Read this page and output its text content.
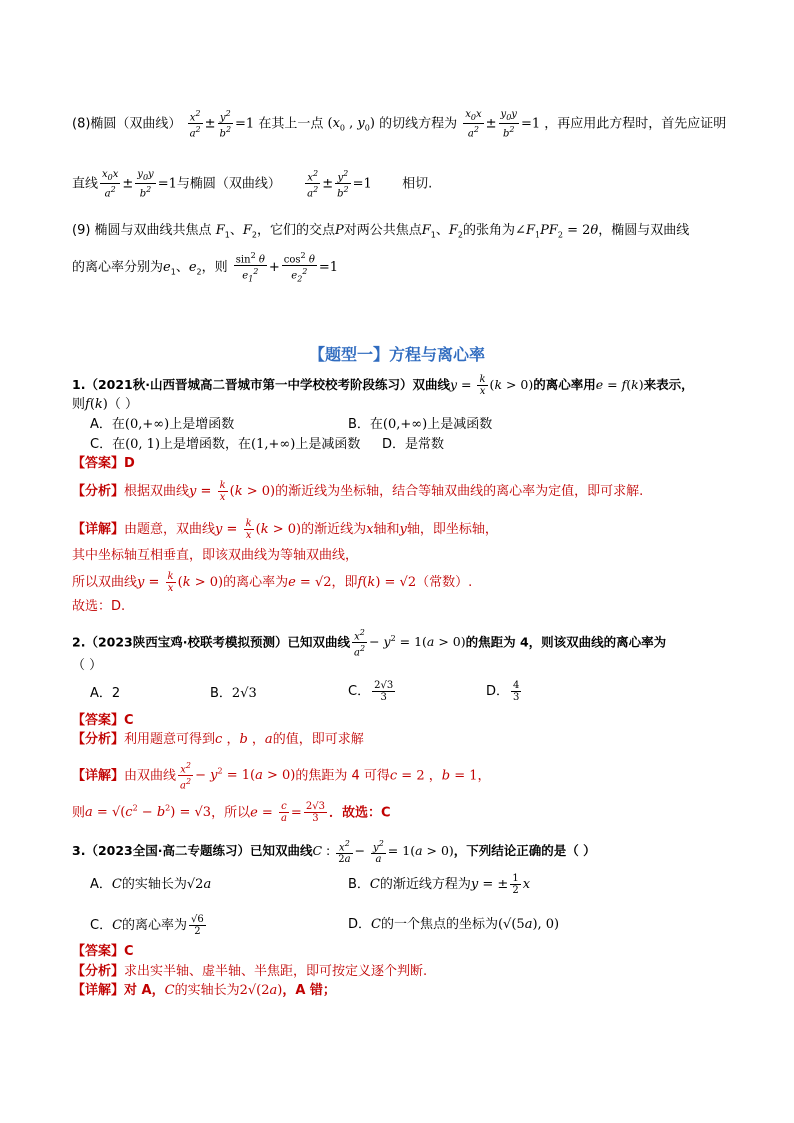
(8)椭圆（双曲线） $\frac{x^2}{a^2} \pm \frac{y^2}{b^2} =1$ 在其上一点 ($x_0$ , $y_0$) 的切线方程为 $\frac{x_0x}{a^2} \pm \frac{y_0y}{b^2} =1$ ，再应用此方程时，首先应证明
直线 $\frac{x_0x}{a^2} \pm \frac{y_0y}{b^2} =1$与椭圆（双曲线） $\frac{x^2}{a^2} \pm \frac{y^2}{b^2} =1$ 相切.
(9) 椭圆与双曲线共焦点 $F_1$、$F_2$，它们的交点P对两公共焦点$F_1$、$F_2$的张角为$\angle F_1PF_2 = 2\theta$，椭圆与双曲线
的离心率分别为$e_1$、$e_2$，则 $\frac{\sin^2 \theta}{e_1^2} + \frac{\cos^2 \theta}{e_2^2} =1$
【题型一】方程与离心率
1.（2021秋·山西晋城高二晋城市第一中学校校考阶段练习）双曲线$y = \frac{k}{x} (k > 0)$的离心率用e = f(k)来表示，
则f(k)（ ）
A．在(0,+∞)上是增函数	B．在(0,+∞)上是减函数
C．在(0, 1)上是增函数，在(1,+∞)上是减函数 D．是常数
【答案】D
【分析】根据双曲线$y = \frac{k}{x} (k > 0)$的渐近线为坐标轴，结合等轴双曲线的离心率为定值，即可求解.
【详解】由题意，双曲线$y = \frac{k}{x} (k > 0)$的渐近线为x轴和y轴，即坐标轴，
其中坐标轴互相垂直，即该双曲线为等轴双曲线，
所以双曲线$y = \frac{k}{x} (k > 0)$的离心率为e = √2，即f(k) = √2（常数）.
故选：D.
2.（2023陕西宝鸡·校联考模拟预测）已知双曲线 $\frac{x^2}{a^2} - y^2 = 1(a > 0)$的焦距为 4，则该双曲线的离心率为
（ ）
A．2	B．2√3	C． $\frac{2√3}{3}$	D． $\frac{4}{3}$
【答案】C
【分析】利用题意可得到c ，b ，a的值，即可求解
【详解】由双曲线 $\frac{x^2}{a^2} - y^2 = 1(a > 0)$的焦距为 4 可得c = 2 ，b = 1，
则$a = √(c^2 - b^2) = √3$，所以$e = \frac{c}{a} = \frac{2√3}{3}$ ．故选：C
3.（2023全国·高二专题练习）已知双曲线C : $\frac{x^2}{2a} - \frac{y^2}{a} = 1(a > 0)$，下列结论正确的是（ ）
A．C的实轴长为√2a	B．C的渐近线方程为y = ± $\frac{1}{2}$ x
C．C的离心率为 $\frac{√6}{2}$	D．C的一个焦点的坐标为(√(5a), 0)
【答案】C
【分析】求出实半轴、虚半轴、半焦距，即可按定义逐个判断.
【详解】对 A，C的实轴长为2√(2a)，A 错；
